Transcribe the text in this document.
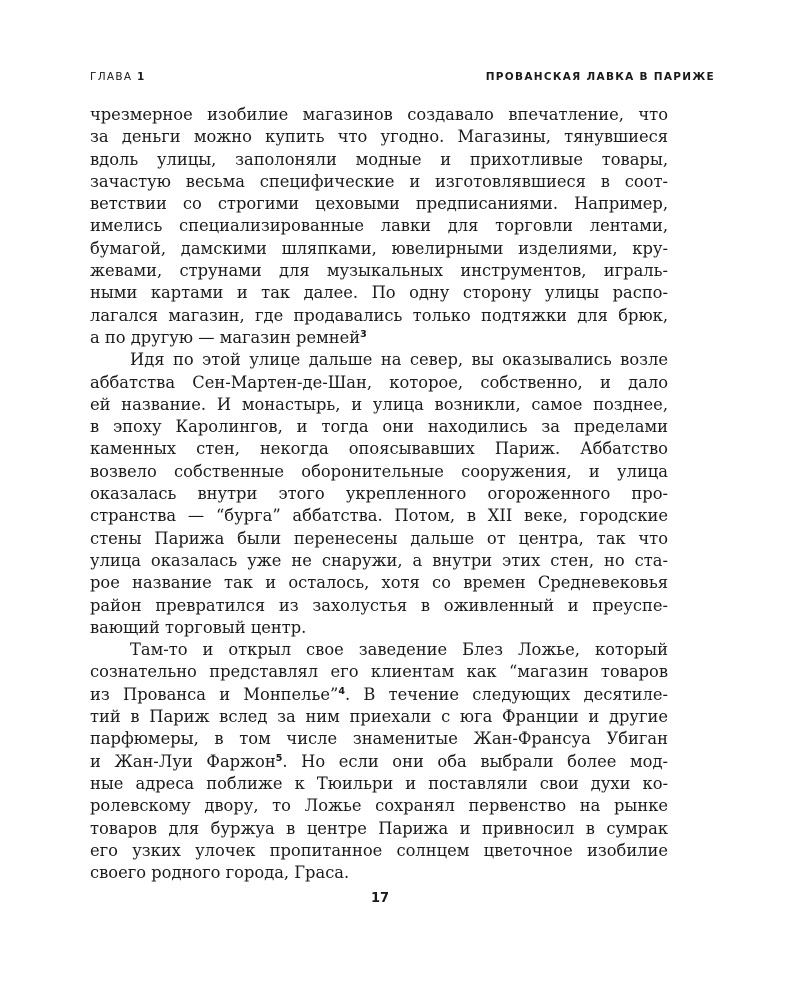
ГЛАВА 1	ПРОВАНСКАЯ ЛАВКА В ПАРИЖЕ
чрезмерное изобилие магазинов создавало впечатление, что
за деньги можно купить что угодно. Магазины, тянувшиеся
вдоль улицы, заполоняли модные и прихотливые товары,
зачастую весьма специфические и изготовлявшиеся в соот-
ветствии со строгими цеховыми предписаниями. Например,
имелись специализированные лавки для торговли лентами,
бумагой, дамскими шляпками, ювелирными изделиями, кру-
жевами, струнами для музыкальных инструментов, играль-
ными картами и так далее. По одну сторону улицы распо-
лагался магазин, где продавались только подтяжки для брюк,
а по другую — магазин ремней$^3$
Идя по этой улице дальше на север, вы оказывались возле
аббатства Сен-Мартен-де-Шан, которое, собственно, и дало
ей название. И монастырь, и улица возникли, самое позднее,
в эпоху Каролингов, и тогда они находились за пределами
каменных стен, некогда опоясывавших Париж. Аббатство
возвело собственные оборонительные сооружения, и улица
оказалась внутри этого укрепленного огороженного про-
странства — “бурга” аббатства. Потом, в XII веке, городские
стены Парижа были перенесены дальше от центра, так что
улица оказалась уже не снаружи, а внутри этих стен, но ста-
рое название так и осталось, хотя со времен Средневековья
район превратился из захолустья в оживленный и преуспе-
вающий торговый центр.
Там-то и открыл свое заведение Блез Ложье, который
сознательно представлял его клиентам как “магазин товаров
из Прованса и Монпелье”$^4$. В течение следующих десятиле-
тий в Париж вслед за ним приехали с юга Франции и другие
парфюмеры, в том числе знаменитые Жан-Франсуа Убиган
и Жан-Луи Фаржон$^5$. Но если они оба выбрали более мод-
ные адреса поближе к Тюильри и поставляли свои духи ко-
ролевскому двору, то Ложье сохранял первенство на рынке
товаров для буржуа в центре Парижа и привносил в сумрак
его узких улочек пропитанное солнцем цветочное изобилие
своего родного города, Граса.
17
